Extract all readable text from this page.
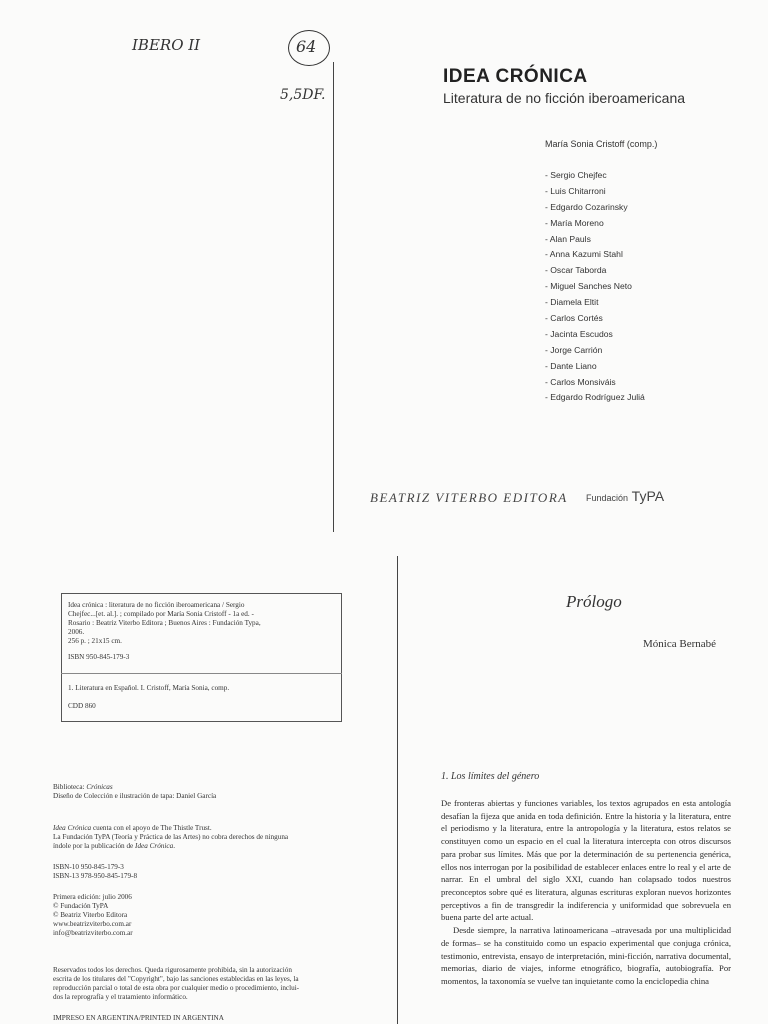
IBERO II	64
5,5DF.
IDEA CRÓNICA
Literatura de no ficción iberoamericana
María Sonia Cristoff (comp.)
- Sergio Chejfec
- Luis Chitarroni
- Edgardo Cozarinsky
- María Moreno
- Alan Pauls
- Anna Kazumi Stahl
- Oscar Taborda
- Miguel Sanches Neto
- Diamela Eltit
- Carlos Cortés
- Jacinta Escudos
- Jorge Carrión
- Dante Liano
- Carlos Monsiváis
- Edgardo Rodríguez Juliá
BEATRIZ VITERBO EDITORA Fundación TyPA
Idea crónica : literatura de no ficción iberoamericana / Sergio
Chejfec...[et. al.]. ; compilado por María Sonia Cristoff - 1a ed. -
Rosario : Beatriz Viterbo Editora ; Buenos Aires : Fundación Typa,
2006.
256 p. ; 21x15 cm.
ISBN 950-845-179-3
1. Literatura en Español. I. Cristoff, María Sonia, comp.
CDD 860
Biblioteca: Crónicas
Diseño de Colección e ilustración de tapa: Daniel García
Idea Crónica cuenta con el apoyo de The Thistle Trust.
La Fundación TyPA (Teoría y Práctica de las Artes) no cobra derechos de ninguna
índole por la publicación de Idea Crónica.
ISBN-10 950-845-179-3
ISBN-13 978-950-845-179-8
Primera edición: julio 2006
© Fundación TyPA
© Beatriz Viterbo Editora
www.beatrizviterbo.com.ar
info@beatrizviterbo.com.ar
Reservados todos los derechos. Queda rigurosamente prohibida, sin la autorización
escrita de los titulares del "Copyright", bajo las sanciones establecidas en las leyes, la
reproducción parcial o total de esta obra por cualquier medio o procedimiento, inclui-
dos la reprografía y el tratamiento informático.
IMPRESO EN ARGENTINA/PRINTED IN ARGENTINA
Prólogo
Mónica Bernabé
1. Los límites del género

De fronteras abiertas y funciones variables, los textos agrupados en esta antología desafían la fijeza que anida en toda definición. Entre la historia y la literatura, entre el periodismo y la literatura, entre la antropología y la literatura, estos relatos se constituyen como un espacio en el cual la literatura intercepta con otros discursos para probar sus límites. Más que por la determinación de su pertenencia genérica, ellos nos interrogan por la posibilidad de establecer enlaces entre lo real y el arte de narrar. En el umbral del siglo XXI, cuando han colapsado todos nuestros preconceptos sobre qué es literatura, algunas escrituras exploran nuevos horizontes perceptivos a fin de transgredir la indiferencia y uniformidad que sobrevuela en buena parte del arte actual.

Desde siempre, la narrativa latinoamericana –atravesada por una multiplicidad de formas– se ha constituido como un espacio experimental que conjuga crónica, testimonio, entrevista, ensayo de interpretación, mini-ficción, narrativa documental, memorias, diario de viajes, informe etnográfico, biografía, autobiografía. Por momentos, la taxonomía se vuelve tan inquietante como la enciclopedia china
